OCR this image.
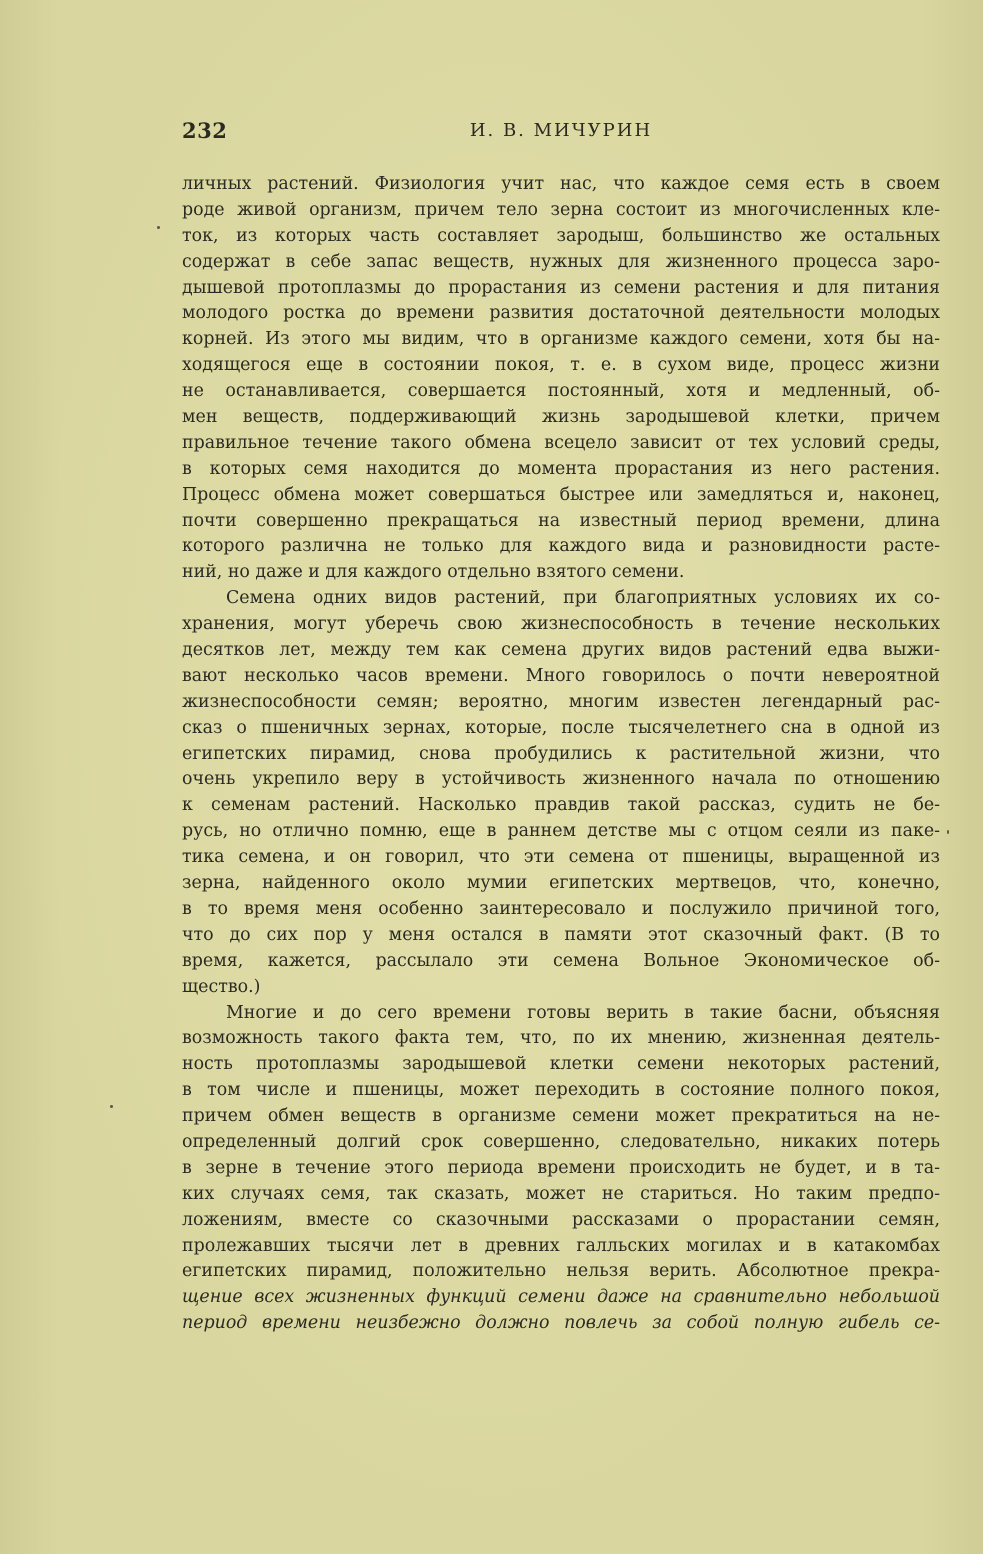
232	И. В. МИЧУРИН
личных растений. Физиология учит нас, что каждое семя есть в своем
роде живой организм, причем тело зерна состоит из многочисленных кле-
ток, из которых часть составляет зародыш, большинство же остальных
содержат в себе запас веществ, нужных для жизненного процесса заро-
дышевой протоплазмы до прорастания из семени растения и для питания
молодого ростка до времени развития достаточной деятельности молодых
корней. Из этого мы видим, что в организме каждого семени, хотя бы на-
ходящегося еще в состоянии покоя, т. е. в сухом виде, процесс жизни
не останавливается, совершается постоянный, хотя и медленный, об-
мен веществ, поддерживающий жизнь зародышевой клетки, причем
правильное течение такого обмена всецело зависит от тех условий среды,
в которых семя находится до момента прорастания из него растения.
Процесс обмена может совершаться быстрее или замедляться и, наконец,
почти совершенно прекращаться на известный период времени, длина
которого различна не только для каждого вида и разновидности расте-
ний, но даже и для каждого отдельно взятого семени.
Семена одних видов растений, при благоприятных условиях их со-
хранения, могут уберечь свою жизнеспособность в течение нескольких
десятков лет, между тем как семена других видов растений едва выжи-
вают несколько часов времени. Много говорилось о почти невероятной
жизнеспособности семян; вероятно, многим известен легендарный рас-
сказ о пшеничных зернах, которые, после тысячелетнего сна в одной из
египетских пирамид, снова пробудились к растительной жизни, что
очень укрепило веру в устойчивость жизненного начала по отношению
к семенам растений. Насколько правдив такой рассказ, судить не бе-
русь, но отлично помню, еще в раннем детстве мы с отцом сеяли из паке-
тика семена, и он говорил, что эти семена от пшеницы, выращенной из
зерна, найденного около мумии египетских мертвецов, что, конечно,
в то время меня особенно заинтересовало и послужило причиной того,
что до сих пор у меня остался в памяти этот сказочный факт. (В то
время, кажется, рассылало эти семена Вольное Экономическое об-
щество.)
Многие и до сего времени готовы верить в такие басни, объясняя
возможность такого факта тем, что, по их мнению, жизненная деятель-
ность протоплазмы зародышевой клетки семени некоторых растений,
в том числе и пшеницы, может переходить в состояние полного покоя,
причем обмен веществ в организме семени может прекратиться на не-
определенный долгий срок совершенно, следовательно, никаких потерь
в зерне в течение этого периода времени происходить не будет, и в та-
ких случаях семя, так сказать, может не стариться. Но таким предпо-
ложениям, вместе со сказочными рассказами о прорастании семян,
пролежавших тысячи лет в древних галльских могилах и в катакомбах
египетских пирамид, положительно нельзя верить. Абсолютное прекра-
щение всех жизненных функций семени даже на сравнительно небольшой
период времени неизбежно должно повлечь за собой полную гибель се-
